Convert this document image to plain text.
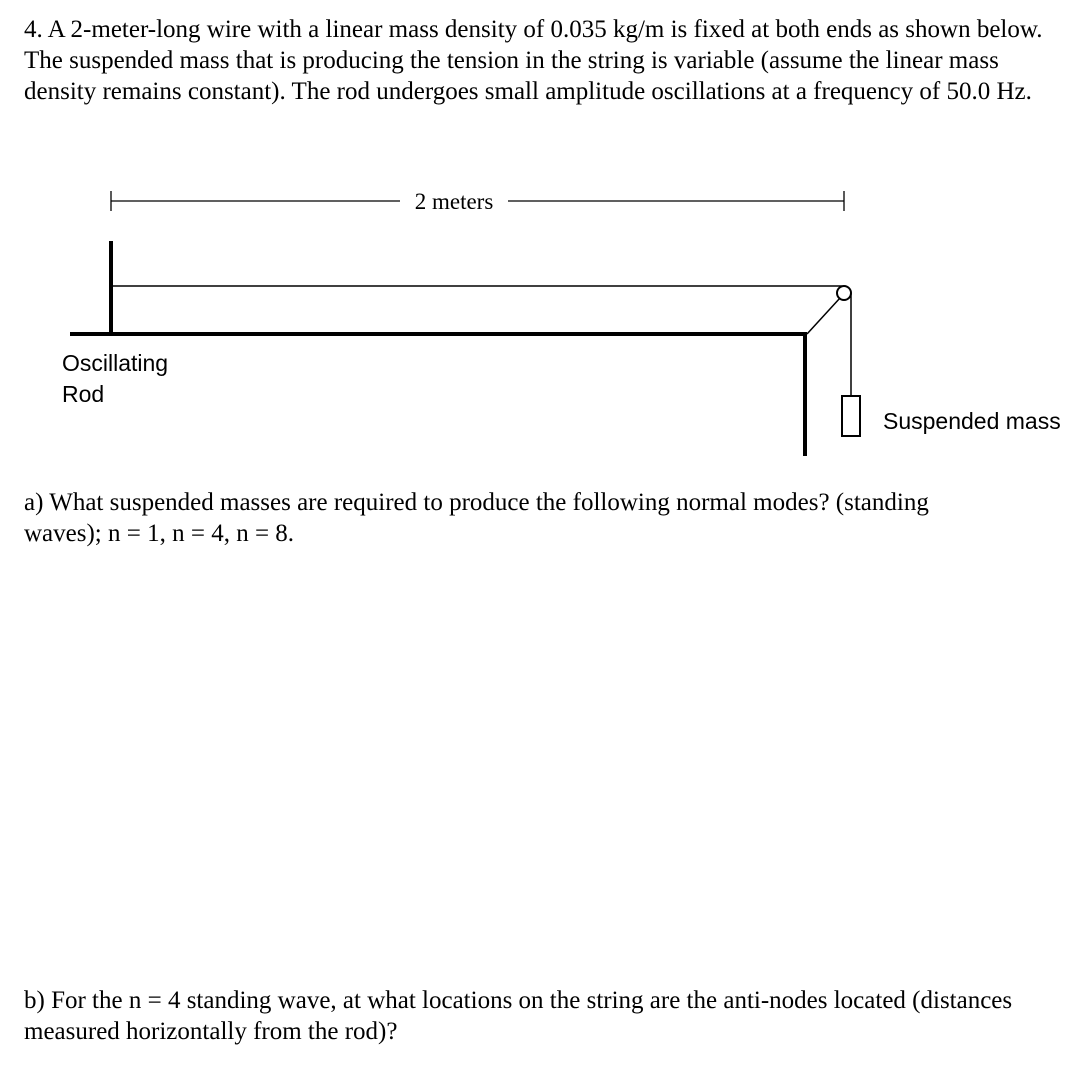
4. A 2-meter-long wire with a linear mass density of 0.035 kg/m is fixed at both ends as shown below. The suspended mass that is producing the tension in the string is variable (assume the linear mass density remains constant). The rod undergoes small amplitude oscillations at a frequency of 50.0 Hz.

2 meters
Oscillating
Rod
Suspended mass

a) What suspended masses are required to produce the following normal modes? (standing waves); n = 1, n = 4, n = 8.

b) For the n = 4 standing wave, at what locations on the string are the anti-nodes located (distances measured horizontally from the rod)?
